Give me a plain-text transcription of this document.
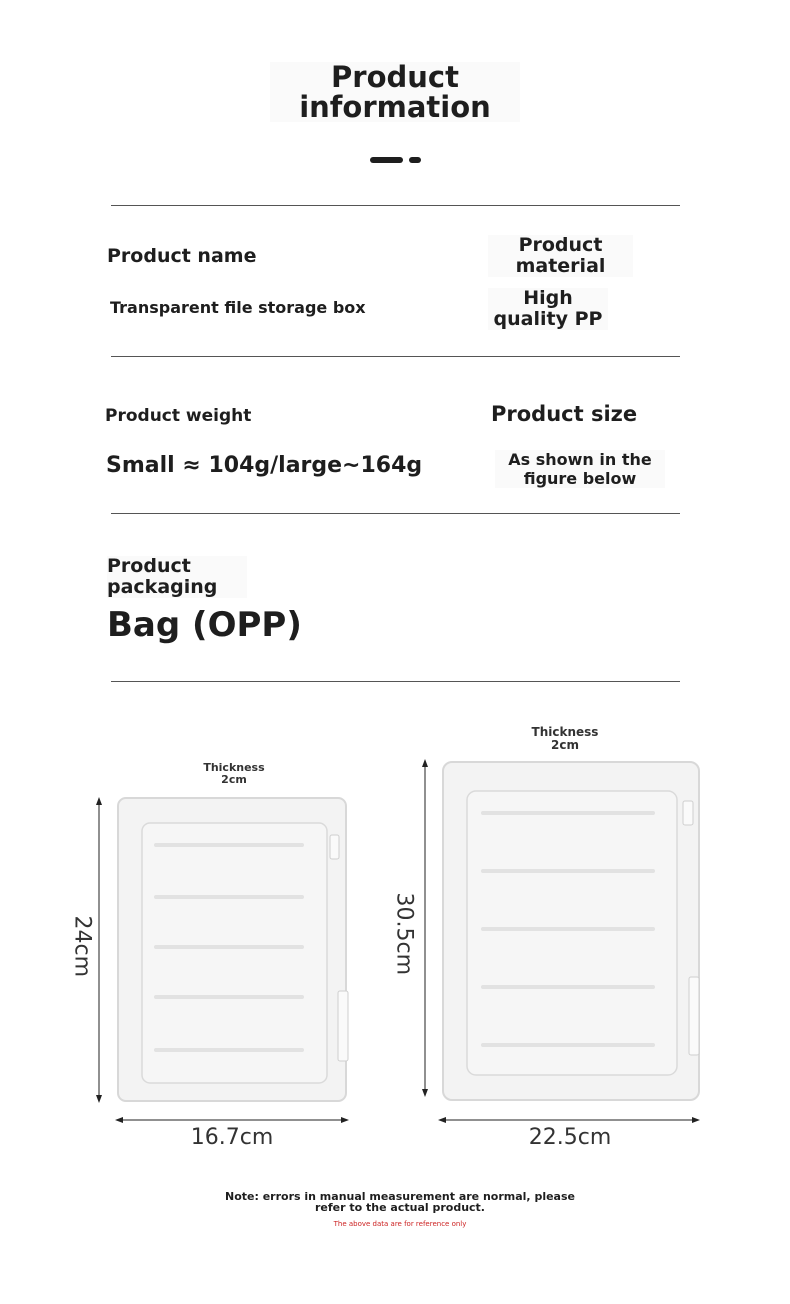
Product information
Product name
Transparent file storage box
Product material
High quality PP
Product weight
Small ≈ 104g/large~164g
Product size
As shown in the figure below
Product packaging
Bag (OPP)
Thickness
2cm
24cm
16.7cm
Thickness
2cm
30.5cm
22.5cm
Note: errors in manual measurement are normal, please refer to the actual product.
The above data are for reference only
